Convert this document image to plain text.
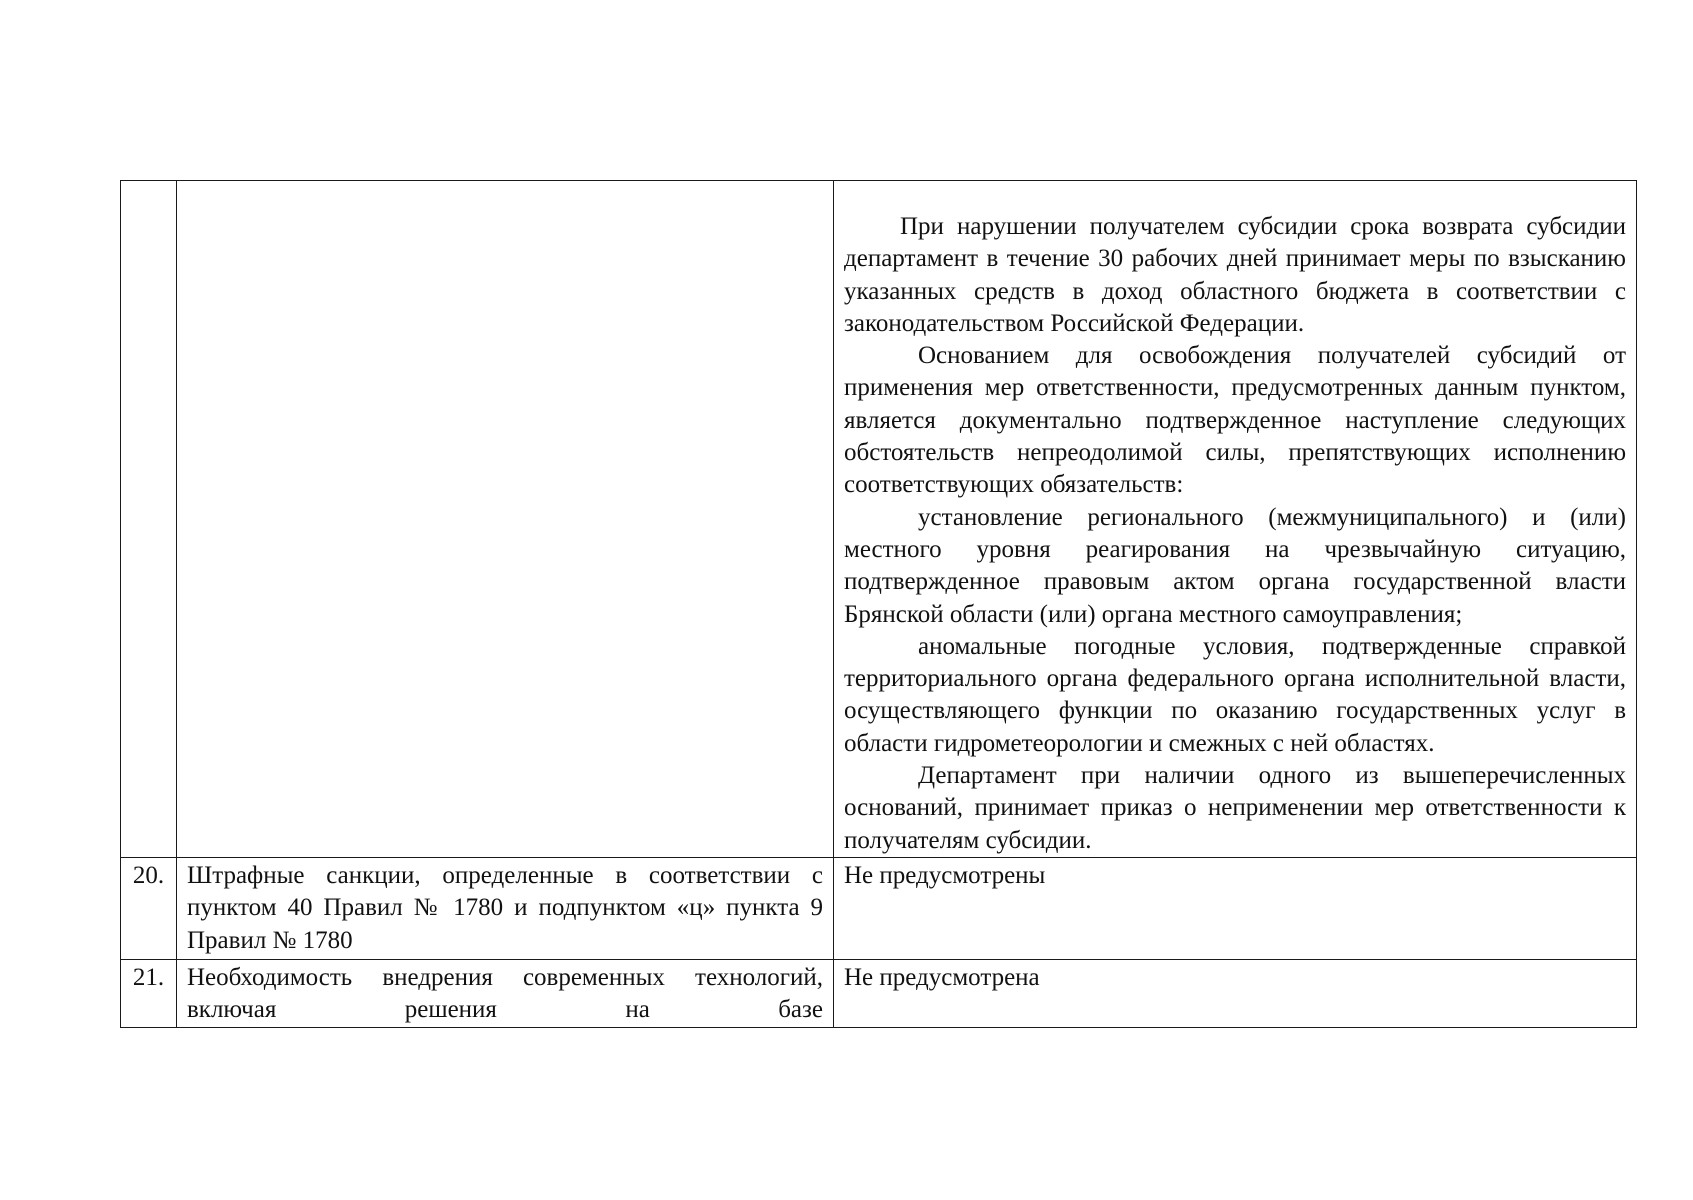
		При нарушении получателем субсидии срока возврата субсидии департамент в течение 30 рабочих дней принимает меры по взысканию указанных средств в доход областного бюджета в соответствии с законодательством Российской Федерации.

Основанием для освобождения получателей субсидий от применения мер ответственности, предусмотренных данным пунктом, является документально подтвержденное наступление следующих обстоятельств непреодолимой силы, препятствующих исполнению соответствующих обязательств:

установление регионального (межмуниципального) и (или) местного уровня реагирования на чрезвычайную ситуацию, подтвержденное правовым актом органа государственной власти Брянской области (или) органа местного самоуправления;

аномальные погодные условия, подтвержденные справкой территориального органа федерального органа исполнительной власти, осуществляющего функции по оказанию государственных услуг в области гидрометеорологии и смежных с ней областях.

Департамент при наличии одного из вышеперечисленных оснований, принимает приказ о неприменении мер ответственности к получателям субсидии.

20.	Штрафные санкции, определенные в соответствии с пунктом 40 Правил № 1780 и подпунктом «ц» пункта 9 Правил № 1780	Не предусмотрены
21.	Необходимость внедрения современных технологий, включая решения на базе	Не предусмотрена
